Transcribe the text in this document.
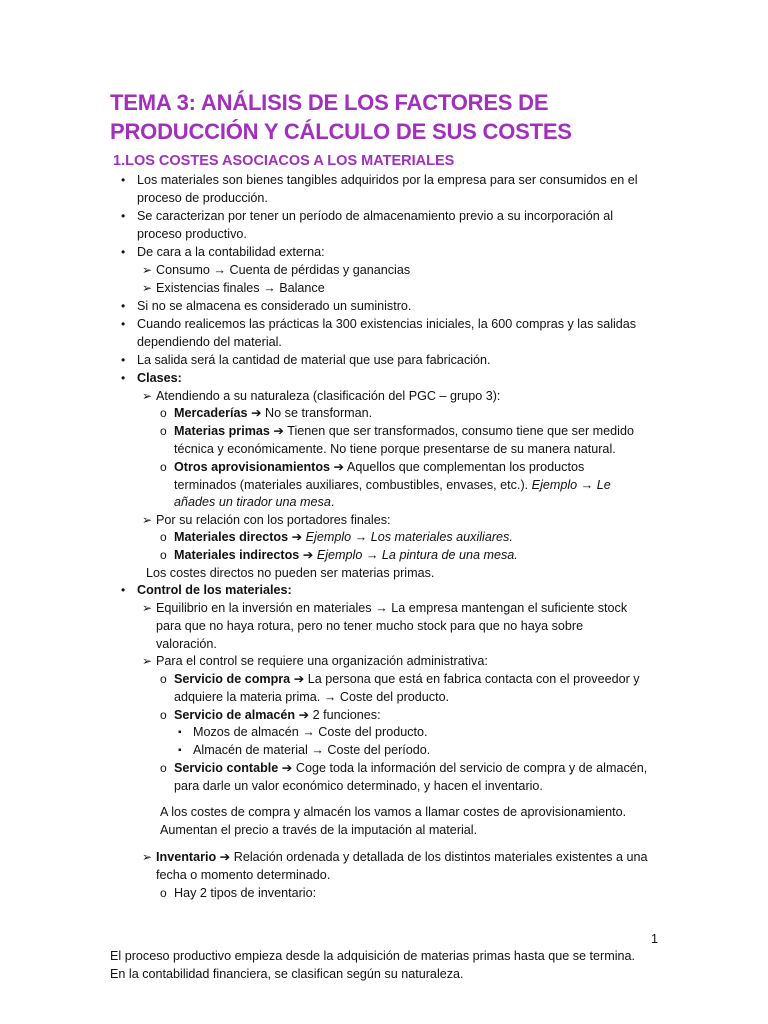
TEMA 3: ANÁLISIS DE LOS FACTORES DE
PRODUCCIÓN Y CÁLCULO DE SUS COSTES
1.LOS COSTES ASOCIACOS A LOS MATERIALES
• Los materiales son bienes tangibles adquiridos por la empresa para ser consumidos en el
proceso de producción.
• Se caracterizan por tener un período de almacenamiento previo a su incorporación al
proceso productivo.
• De cara a la contabilidad externa:
➢ Consumo → Cuenta de pérdidas y ganancias
➢ Existencias finales → Balance
• Si no se almacena es considerado un suministro.
• Cuando realicemos las prácticas la 300 existencias iniciales, la 600 compras y las salidas
dependiendo del material.
• La salida será la cantidad de material que use para fabricación.
• Clases:
➢ Atendiendo a su naturaleza (clasificación del PGC – grupo 3):
o Mercaderías ➔ No se transforman.
o Materias primas ➔ Tienen que ser transformados, consumo tiene que ser medido
técnica y económicamente. No tiene porque presentarse de su manera natural.
o Otros aprovisionamientos ➔ Aquellos que complementan los productos
terminados (materiales auxiliares, combustibles, envases, etc.). Ejemplo → Le
añades un tirador una mesa.
➢ Por su relación con los portadores finales:
o Materiales directos ➔ Ejemplo → Los materiales auxiliares.
o Materiales indirectos ➔ Ejemplo → La pintura de una mesa.
Los costes directos no pueden ser materias primas.
• Control de los materiales:
➢ Equilibrio en la inversión en materiales → La empresa mantengan el suficiente stock
para que no haya rotura, pero no tener mucho stock para que no haya sobre
valoración.
➢ Para el control se requiere una organización administrativa:
o Servicio de compra ➔ La persona que está en fabrica contacta con el proveedor y
adquiere la materia prima. → Coste del producto.
o Servicio de almacén ➔ 2 funciones:
▪ Mozos de almacén → Coste del producto.
▪ Almacén de material → Coste del período.
o Servicio contable ➔ Coge toda la información del servicio de compra y de almacén,
para darle un valor económico determinado, y hacen el inventario.
A los costes de compra y almacén los vamos a llamar costes de aprovisionamiento.
Aumentan el precio a través de la imputación al material.
➢ Inventario ➔ Relación ordenada y detallada de los distintos materiales existentes a una
fecha o momento determinado.
o Hay 2 tipos de inventario:
1
El proceso productivo empieza desde la adquisición de materias primas hasta que se termina.
En la contabilidad financiera, se clasifican según su naturaleza.
